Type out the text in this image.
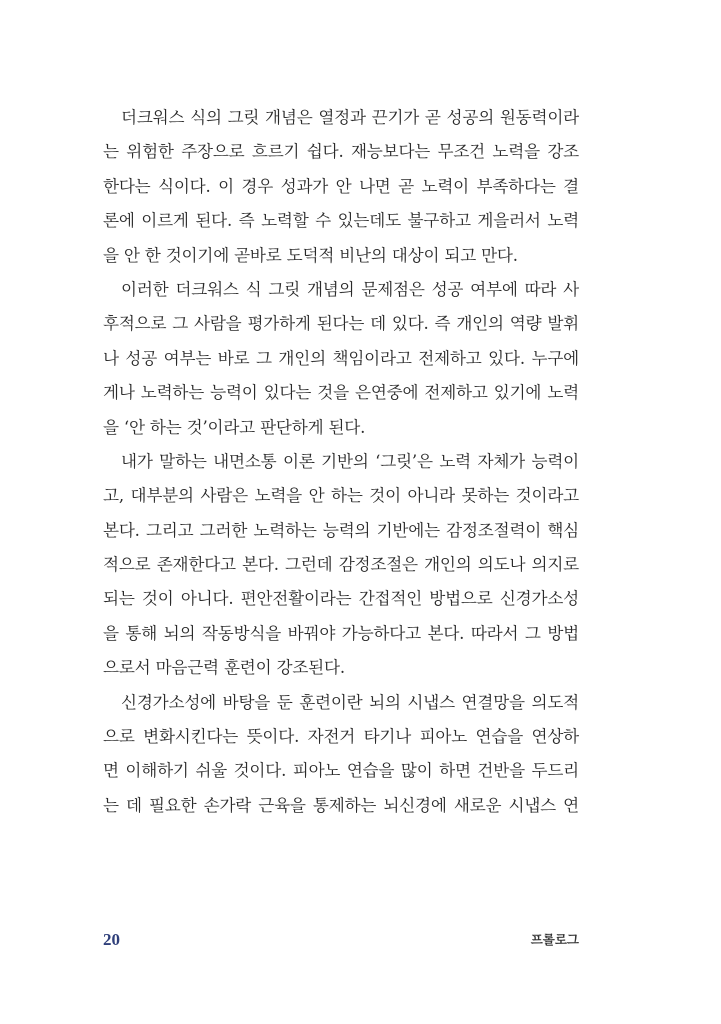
더크워스 식의 그릿 개념은 열정과 끈기가 곧 성공의 원동력이라
는 위험한 주장으로 흐르기 쉽다. 재능보다는 무조건 노력을 강조
한다는 식이다. 이 경우 성과가 안 나면 곧 노력이 부족하다는 결
론에 이르게 된다. 즉 노력할 수 있는데도 불구하고 게을러서 노력
을 안 한 것이기에 곧바로 도덕적 비난의 대상이 되고 만다.
이러한 더크워스 식 그릿 개념의 문제점은 성공 여부에 따라 사
후적으로 그 사람을 평가하게 된다는 데 있다. 즉 개인의 역량 발휘
나 성공 여부는 바로 그 개인의 책임이라고 전제하고 있다. 누구에
게나 노력하는 능력이 있다는 것을 은연중에 전제하고 있기에 노력
을 ‘안 하는 것’이라고 판단하게 된다.
내가 말하는 내면소통 이론 기반의 ‘그릿’은 노력 자체가 능력이
고, 대부분의 사람은 노력을 안 하는 것이 아니라 못하는 것이라고
본다. 그리고 그러한 노력하는 능력의 기반에는 감정조절력이 핵심
적으로 존재한다고 본다. 그런데 감정조절은 개인의 의도나 의지로
되는 것이 아니다. 편안전활이라는 간접적인 방법으로 신경가소성
을 통해 뇌의 작동방식을 바꿔야 가능하다고 본다. 따라서 그 방법
으로서 마음근력 훈련이 강조된다.
신경가소성에 바탕을 둔 훈련이란 뇌의 시냅스 연결망을 의도적
으로 변화시킨다는 뜻이다. 자전거 타기나 피아노 연습을 연상하
면 이해하기 쉬울 것이다. 피아노 연습을 많이 하면 건반을 두드리
는 데 필요한 손가락 근육을 통제하는 뇌신경에 새로운 시냅스 연
20	프롤로그
